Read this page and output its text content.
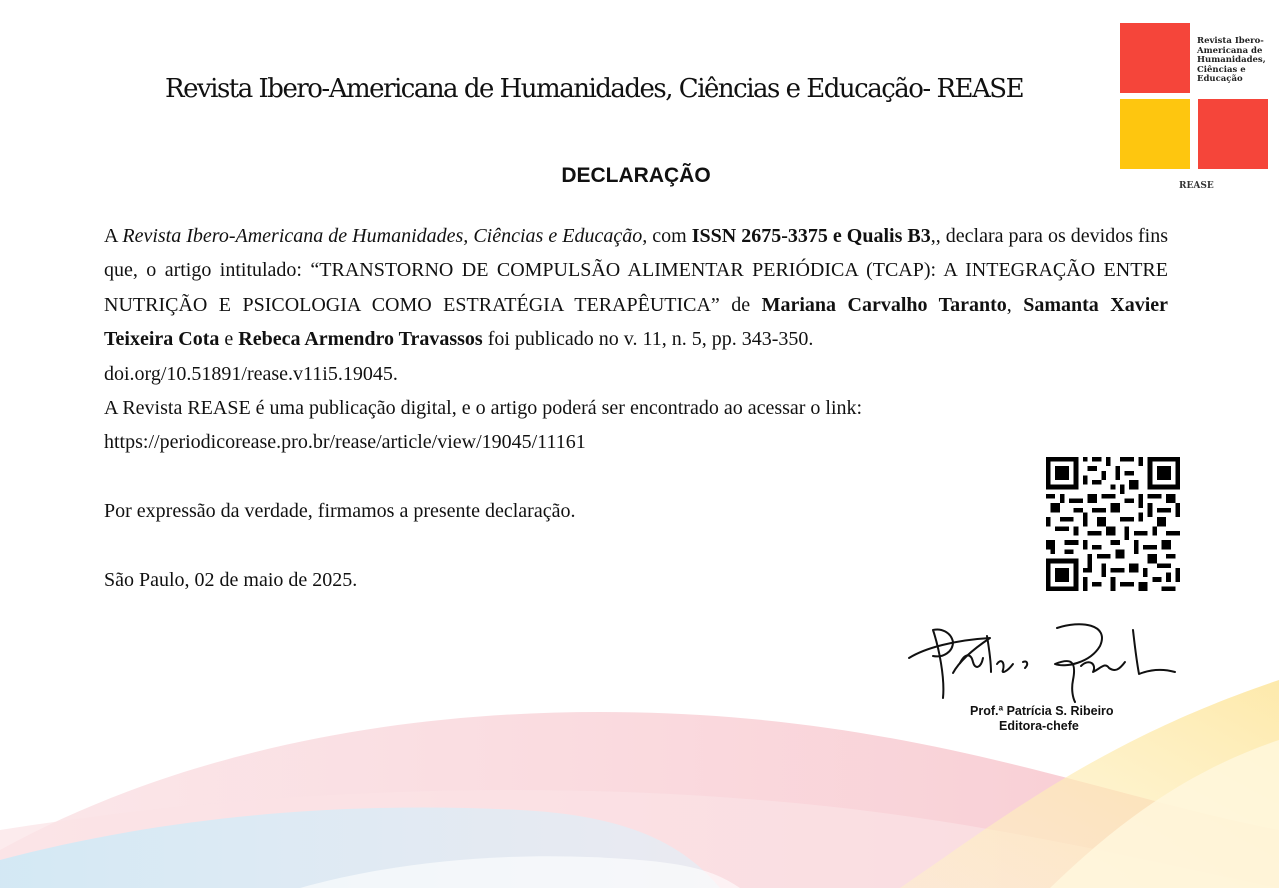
Revista Ibero-Americana de Humanidades, Ciências e Educação- REASE
Revista Ibero-Americana de Humanidades, Ciências e Educação
REASE
DECLARAÇÃO

A Revista Ibero-Americana de Humanidades, Ciências e Educação, com ISSN 2675-3375 e Qualis B3,, declara para os devidos fins que, o artigo intitulado: “TRANSTORNO DE COMPULSÃO ALIMENTAR PERIÓDICA (TCAP): A INTEGRAÇÃO ENTRE NUTRIÇÃO E PSICOLOGIA COMO ESTRATÉGIA TERAPÊUTICA” de Mariana Carvalho Taranto, Samanta Xavier Teixeira Cota e Rebeca Armendro Travassos foi publicado no v. 11, n. 5, pp. 343-350.

doi.org/10.51891/rease.v11i5.19045.

A Revista REASE é uma publicação digital, e o artigo poderá ser encontrado ao acessar o link:

https://periodicorease.pro.br/rease/article/view/19045/11161

Por expressão da verdade, firmamos a presente declaração.

São Paulo, 02 de maio de 2025.

Prof.ª Patrícia S. Ribeiro
Editora-chefe
